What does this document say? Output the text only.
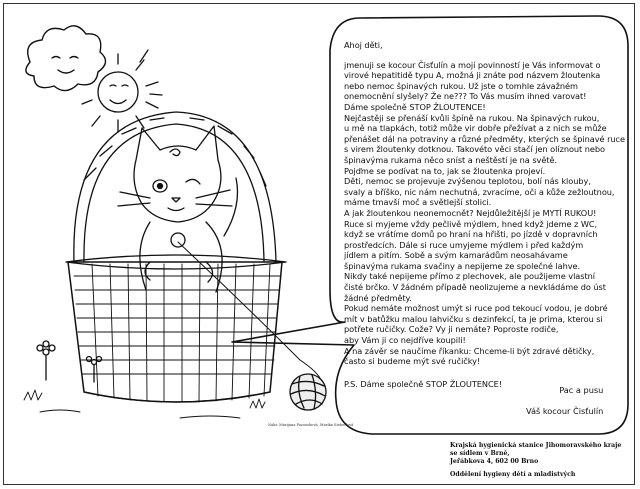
Ahoj děti,
jmenuji se kocour Čisťulín a mojí povinností je Vás informovat o
virové hepatitidě typu A, možná ji znáte pod názvem žloutenka
nebo nemoc špinavých rukou. Už jste o tomhle závažném
onemocnění slyšely? Že ne??? To Vás musím ihned varovat!
Dáme společně STOP ŽLOUTENCE!
Nejčastěji se přenáší kvůli špíně na rukou. Na špinavých rukou,
u mě na tlapkách, totiž může vir dobře přežívat a z nich se může
přenášet dál na potraviny a různé předměty, kterých se špinavé ruce
s virem žloutenky dotknou. Takovéto věci stačí jen olíznout nebo
špinavýma rukama něco sníst a neštěstí je na světě.
Pojďme se podívat na to, jak se žloutenka projeví.
Děti, nemoc se projevuje zvýšenou teplotou, bolí nás klouby,
svaly a bříško, nic nám nechutná, zvracíme, oči a kůže zežloutnou,
máme tmavší moč a světlejší stolici.
A jak žloutenkou neonemocnět? Nejdůležitější je MYTÍ RUKOU!
Ruce si myjeme vždy pečlivě mýdlem, hned když jdeme z WC,
když se vrátíme domů po hraní na hřišti, po jízdě v dopravních
prostředcích. Dále si ruce umyjeme mýdlem i před každým
jídlem a pitím. Sobě a svým kamarádům neosahávame
špinavýma rukama svačiny a nepijeme ze společné lahve.
Nikdy také nepijeme přímo z plechovek, ale použijeme vlastní
čisté brčko. V žádném případě neolizujeme a nevkládáme do úst
žádné předměty.
Pokud nemáte možnost umýt si ruce pod tekoucí vodou, je dobré
mít v batůžku malou lahvičku s dezinfekcí, ta je prima, kterou si
potřete ručičky. Cože? Vy ji nemáte? Poproste rodiče,
aby Vám ji co nejdříve koupili!
A na závěr se naučíme říkanku: Chceme-li být zdravé dětičky,
často si budeme mýt své ručičky!
P.S. Dáme společně STOP ŽLOUTENCE!
Pac a pusu
Váš kocour Čisťulín
Krajská hygienická stanice Jihomoravského kraje se sídlem v Brně,
Jeřábkova 4, 602 00 Brno
Oddělení hygieny dětí a mladistvých
Nakr. Marijana Pazourková, Marika Sieberlová
